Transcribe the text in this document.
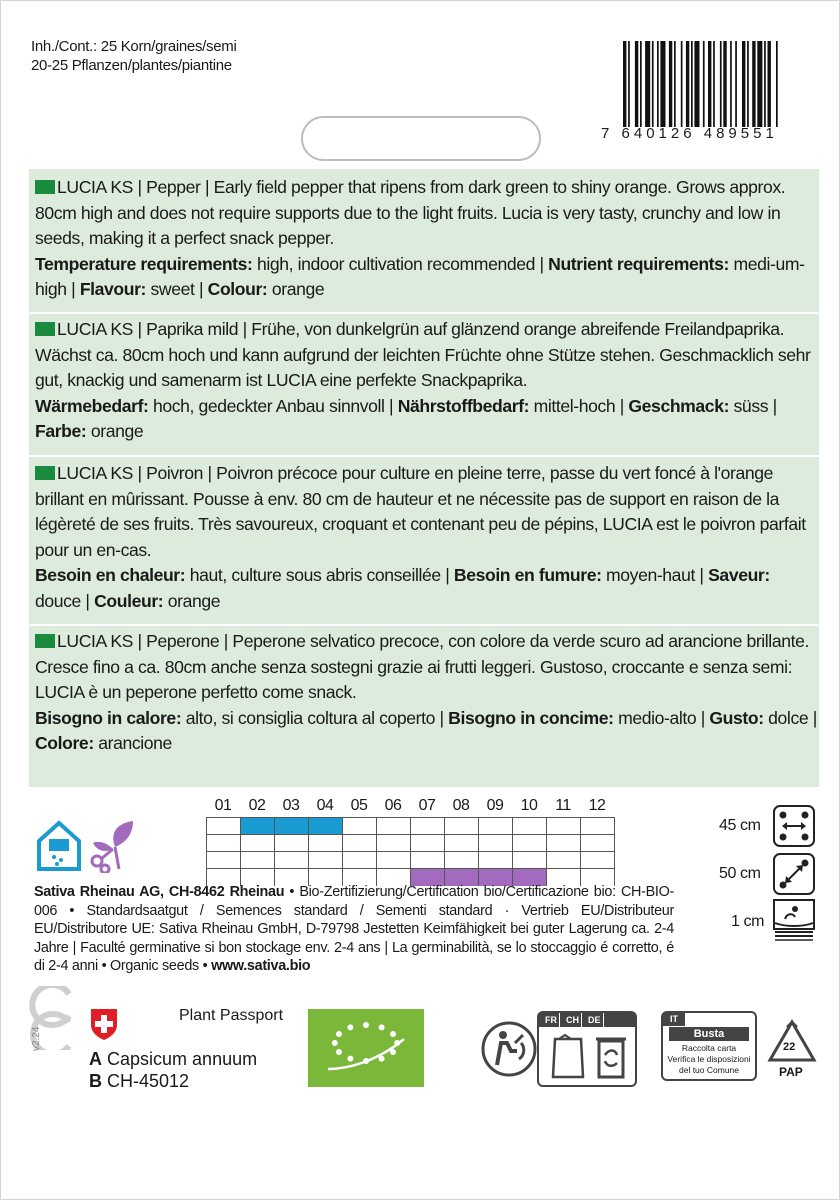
Inh./Cont.: 25 Korn/graines/semi
20-25 Pflanzen/plantes/piantine
7 640126 489551

LUCIA KS | Pepper | Early field pepper that ripens from dark green to shiny orange. Grows approx. 80cm high and does not require supports due to the light fruits. Lucia is very tasty, crunchy and low in seeds, making it a perfect snack pepper.

Temperature requirements: high, indoor cultivation recommended | Nutrient requirements: medi-um-high | Flavour: sweet | Colour: orange

LUCIA KS | Paprika mild | Frühe, von dunkelgrün auf glänzend orange abreifende Freilandpaprika. Wächst ca. 80cm hoch und kann aufgrund der leichten Früchte ohne Stütze stehen. Geschmacklich sehr gut, knackig und samenarm ist LUCIA eine perfekte Snackpaprika.

Wärmebedarf: hoch, gedeckter Anbau sinnvoll | Nährstoffbedarf: mittel-hoch | Geschmack: süss | Farbe: orange

LUCIA KS | Poivron | Poivron précoce pour culture en pleine terre, passe du vert foncé à l'orange brillant en mûrissant. Pousse à env. 80 cm de hauteur et ne nécessite pas de support en raison de la légèreté de ses fruits. Très savoureux, croquant et contenant peu de pépins, LUCIA est le poivron parfait pour un en-cas.

Besoin en chaleur: haut, culture sous abris conseillée | Besoin en fumure: moyen-haut | Saveur: douce | Couleur: orange

LUCIA KS | Peperone | Peperone selvatico precoce, con colore da verde scuro ad arancione brillante. Cresce fino a ca. 80cm anche senza sostegni grazie ai frutti leggeri. Gustoso, croccante e senza semi: LUCIA è un peperone perfetto come snack.

Bisogno in calore: alto, si consiglia coltura al coperto | Bisogno in concime: medio-alto | Gusto: dolce | Colore: arancione

01	02	03	04	05	06	07	08	09	10	11	12

45 cm
50 cm
1 cm

Sativa Rheinau AG, CH-8462 Rheinau • Bio-Zertifizierung/Certification bio/Certificazione bio: CH-BIO-006 • Standardsaatgut / Semences standard / Sementi standard · Vertrieb EU/Distributeur EU/Distributore UE: Sativa Rheinau GmbH, D-79798 Jestetten Keimfähigkeit bei guter Lagerung ca. 2-4 Jahre | Faculté germinative si bon stockage env. 2-4 ans | La germinabilità, se lo stoccaggio é corretto, é di 2-4 anni • Organic seeds • www.sativa.bio

v2.24
Plant Passport
A Capsicum annuum
B CH-45012
FR	CH	DE	IT
Busta
Raccolta carta
Verifica le disposizioni
del tuo Comune
22
PAP
